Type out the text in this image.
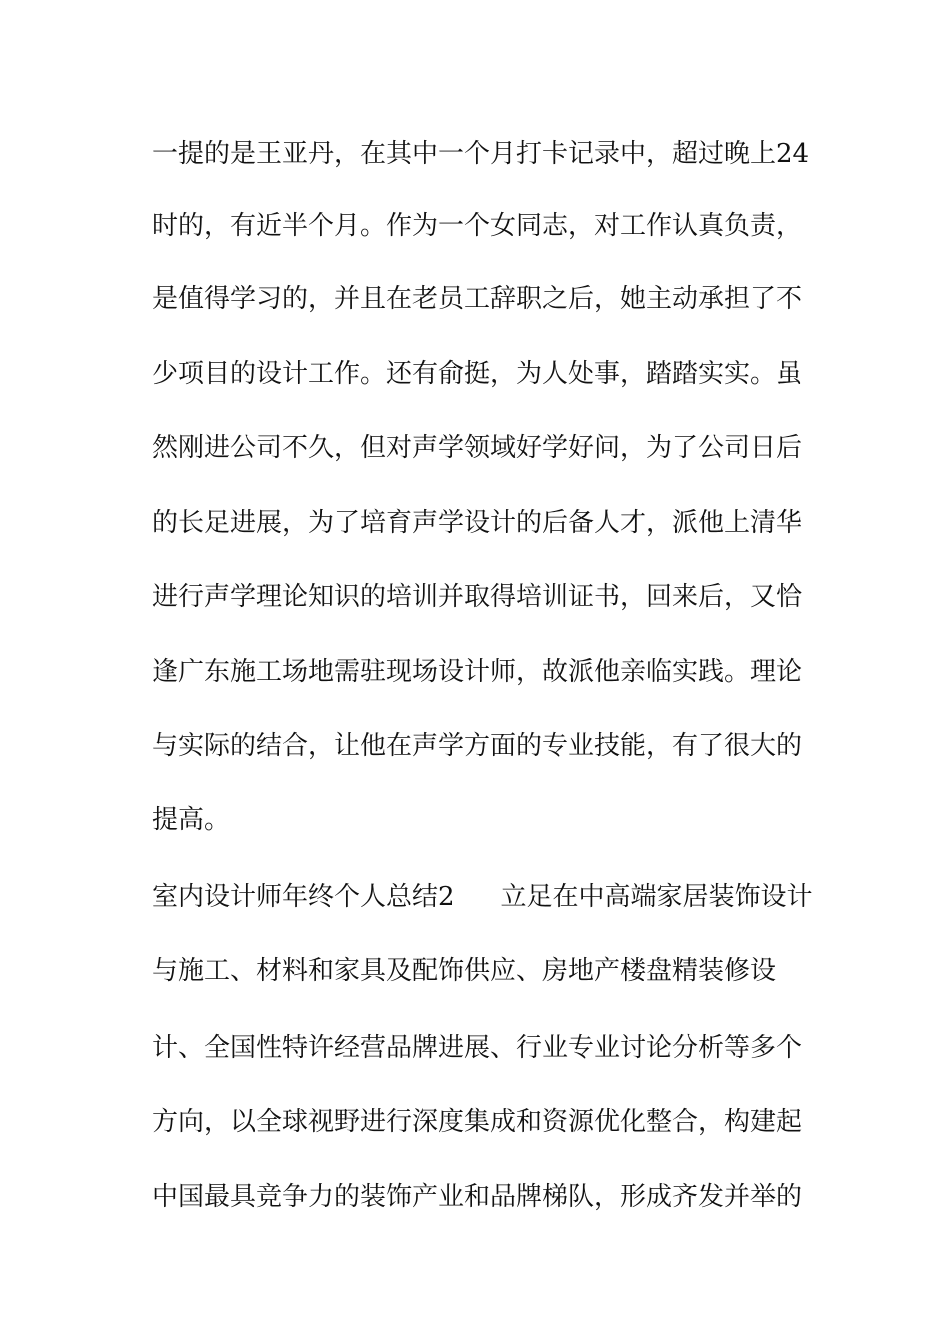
一提的是王亚丹，在其中一个月打卡记录中，超过晚上24
时的，有近半个月。作为一个女同志，对工作认真负责，
是值得学习的，并且在老员工辞职之后，她主动承担了不
少项目的设计工作。还有俞挺，为人处事，踏踏实实。虽
然刚进公司不久，但对声学领域好学好问，为了公司日后
的长足进展，为了培育声学设计的后备人才，派他上清华
进行声学理论知识的培训并取得培训证书，回来后，又恰
逢广东施工场地需驻现场设计师，故派他亲临实践。理论
与实际的结合，让他在声学方面的专业技能，有了很大的
提高。
室内设计师年终个人总结2 立足在中高端家居装饰设计
与施工、材料和家具及配饰供应、房地产楼盘精装修设
计、全国性特许经营品牌进展、行业专业讨论分析等多个
方向，以全球视野进行深度集成和资源优化整合，构建起
中国最具竞争力的装饰产业和品牌梯队，形成齐发并举的
